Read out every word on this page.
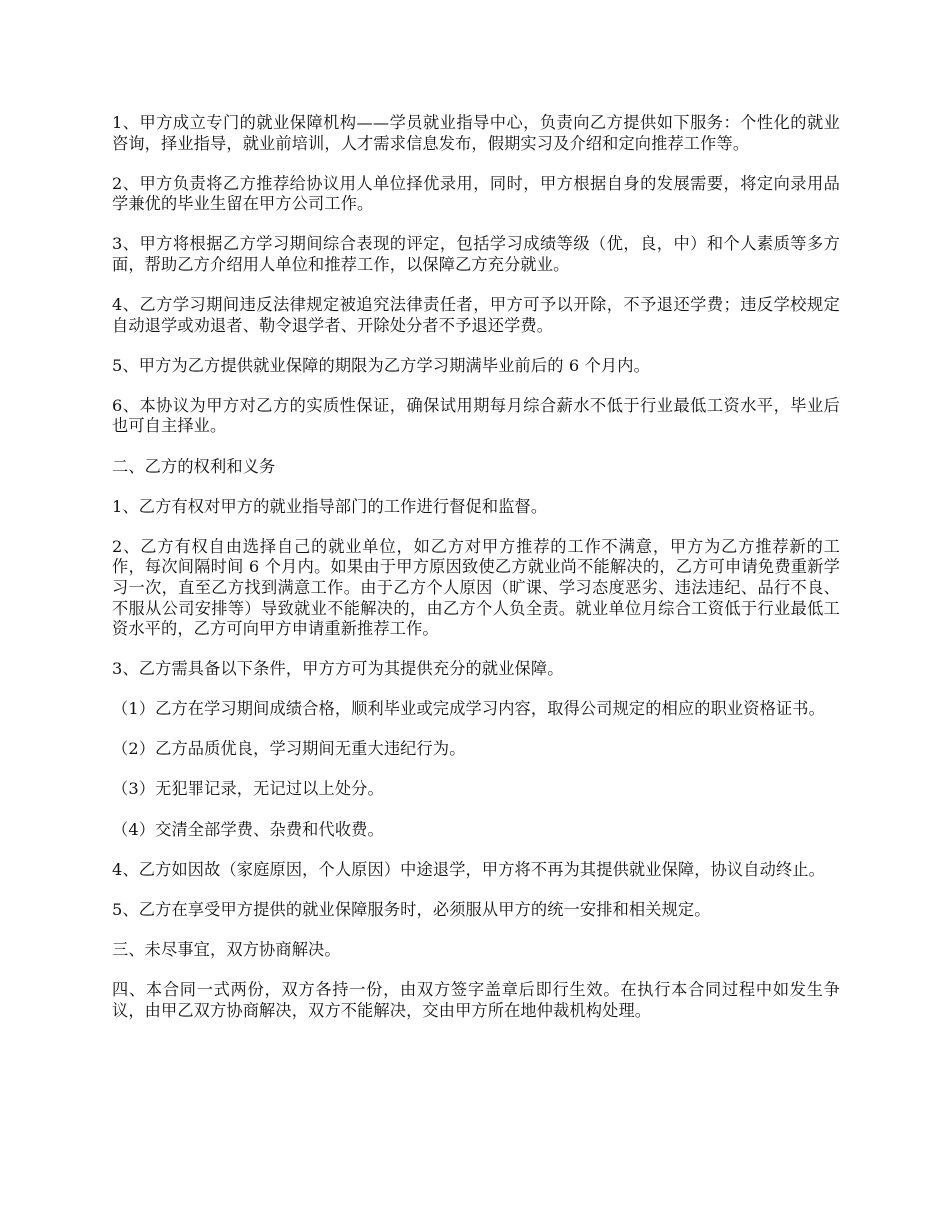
1、甲方成立专门的就业保障机构——学员就业指导中心，负责向乙方提供如下服务：个性化的就业咨询，择业指导，就业前培训，人才需求信息发布，假期实习及介绍和定向推荐工作等。

2、甲方负责将乙方推荐给协议用人单位择优录用，同时，甲方根据自身的发展需要，将定向录用品学兼优的毕业生留在甲方公司工作。

3、甲方将根据乙方学习期间综合表现的评定，包括学习成绩等级（优，良，中）和个人素质等多方面，帮助乙方介绍用人单位和推荐工作，以保障乙方充分就业。

4、乙方学习期间违反法律规定被追究法律责任者，甲方可予以开除，不予退还学费；违反学校规定自动退学或劝退者、勒令退学者、开除处分者不予退还学费。

5、甲方为乙方提供就业保障的期限为乙方学习期满毕业前后的 6 个月内。

6、本协议为甲方对乙方的实质性保证，确保试用期每月综合薪水不低于行业最低工资水平，毕业后也可自主择业。

二、乙方的权利和义务

1、乙方有权对甲方的就业指导部门的工作进行督促和监督。

2、乙方有权自由选择自己的就业单位，如乙方对甲方推荐的工作不满意，甲方为乙方推荐新的工作，每次间隔时间 6 个月内。如果由于甲方原因致使乙方就业尚不能解决的，乙方可申请免费重新学习一次，直至乙方找到满意工作。由于乙方个人原因（旷课、学习态度恶劣、违法违纪、品行不良、不服从公司安排等）导致就业不能解决的，由乙方个人负全责。就业单位月综合工资低于行业最低工资水平的，乙方可向甲方申请重新推荐工作。

3、乙方需具备以下条件，甲方方可为其提供充分的就业保障。

（1）乙方在学习期间成绩合格，顺利毕业或完成学习内容，取得公司规定的相应的职业资格证书。

（2）乙方品质优良，学习期间无重大违纪行为。

（3）无犯罪记录，无记过以上处分。

（4）交清全部学费、杂费和代收费。

4、乙方如因故（家庭原因，个人原因）中途退学，甲方将不再为其提供就业保障，协议自动终止。

5、乙方在享受甲方提供的就业保障服务时，必须服从甲方的统一安排和相关规定。

三、未尽事宜，双方协商解决。

四、本合同一式两份，双方各持一份，由双方签字盖章后即行生效。在执行本合同过程中如发生争议，由甲乙双方协商解决，双方不能解决，交由甲方所在地仲裁机构处理。
